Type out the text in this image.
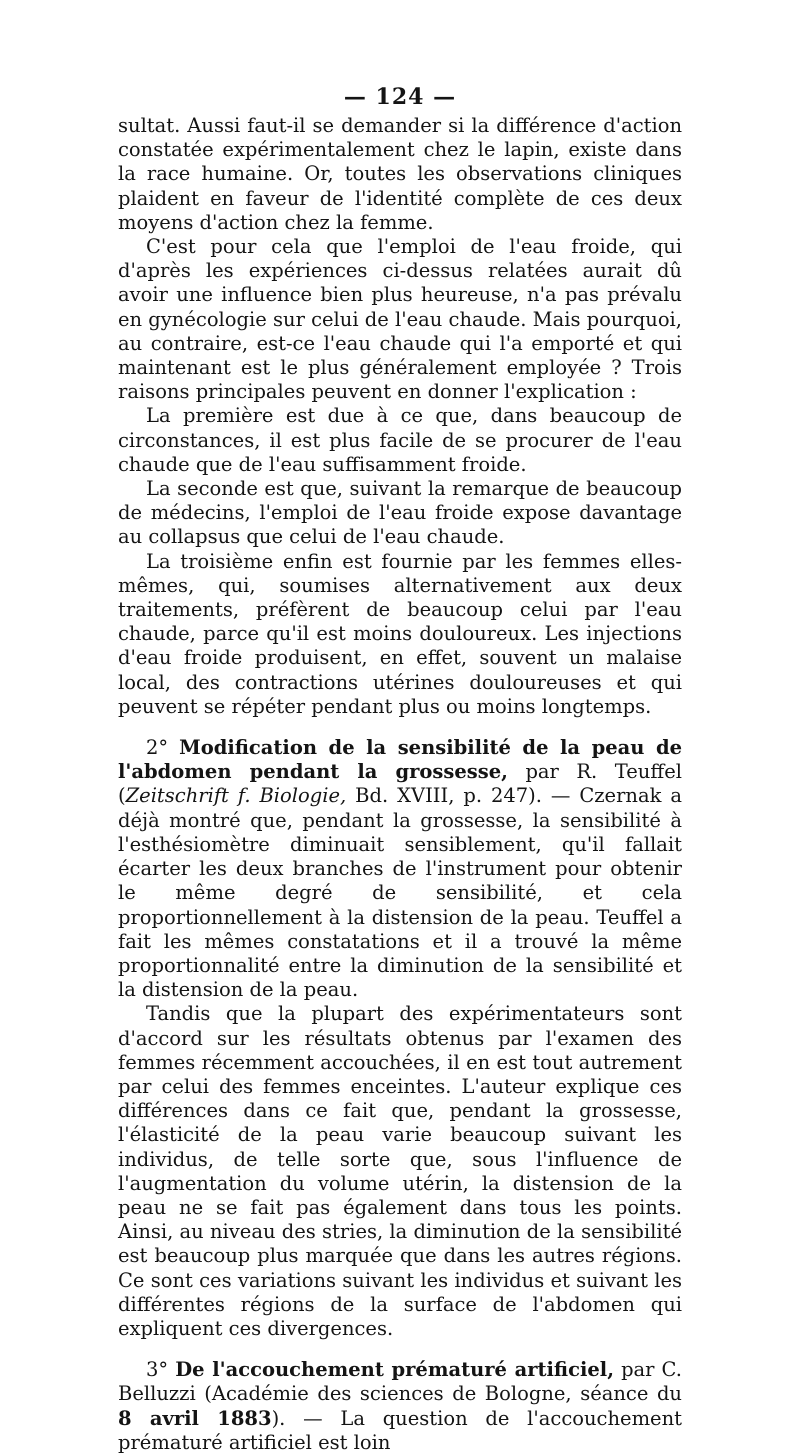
— 124 —

sultat. Aussi faut-il se demander si la différence d'action constatée expérimentalement chez le lapin, existe dans la race humaine. Or, toutes les observations cliniques plaident en faveur de l'identité complète de ces deux moyens d'action chez la femme.

C'est pour cela que l'emploi de l'eau froide, qui d'après les expériences ci-dessus relatées aurait dû avoir une influence bien plus heureuse, n'a pas prévalu en gynécologie sur celui de l'eau chaude. Mais pourquoi, au contraire, est-ce l'eau chaude qui l'a emporté et qui maintenant est le plus généralement employée ? Trois raisons principales peuvent en donner l'explication :

La première est due à ce que, dans beaucoup de circonstances, il est plus facile de se procurer de l'eau chaude que de l'eau suffisamment froide.

La seconde est que, suivant la remarque de beaucoup de médecins, l'emploi de l'eau froide expose davantage au collapsus que celui de l'eau chaude.

La troisième enfin est fournie par les femmes elles-mêmes, qui, soumises alternativement aux deux traitements, préfèrent de beaucoup celui par l'eau chaude, parce qu'il est moins douloureux. Les injections d'eau froide produisent, en effet, souvent un malaise local, des contractions utérines douloureuses et qui peuvent se répéter pendant plus ou moins longtemps.

2° Modification de la sensibilité de la peau de l'abdomen pendant la grossesse, par R. Teuffel (Zeitschrift f. Biologie, Bd. XVIII, p. 247). — Czernak a déjà montré que, pendant la grossesse, la sensibilité à l'esthésiomètre diminuait sensiblement, qu'il fallait écarter les deux branches de l'instrument pour obtenir le même degré de sensibilité, et cela proportionnellement à la distension de la peau. Teuffel a fait les mêmes constatations et il a trouvé la même proportionnalité entre la diminution de la sensibilité et la distension de la peau.

Tandis que la plupart des expérimentateurs sont d'accord sur les résultats obtenus par l'examen des femmes récemment accouchées, il en est tout autrement par celui des femmes enceintes. L'auteur explique ces différences dans ce fait que, pendant la grossesse, l'élasticité de la peau varie beaucoup suivant les individus, de telle sorte que, sous l'influence de l'augmentation du volume utérin, la distension de la peau ne se fait pas également dans tous les points. Ainsi, au niveau des stries, la diminution de la sensibilité est beaucoup plus marquée que dans les autres régions. Ce sont ces variations suivant les individus et suivant les différentes régions de la surface de l'abdomen qui expliquent ces divergences.

3° De l'accouchement prématuré artificiel, par C. Belluzzi (Académie des sciences de Bologne, séance du 8 avril 1883). — La question de l'accouchement prématuré artificiel est loin
